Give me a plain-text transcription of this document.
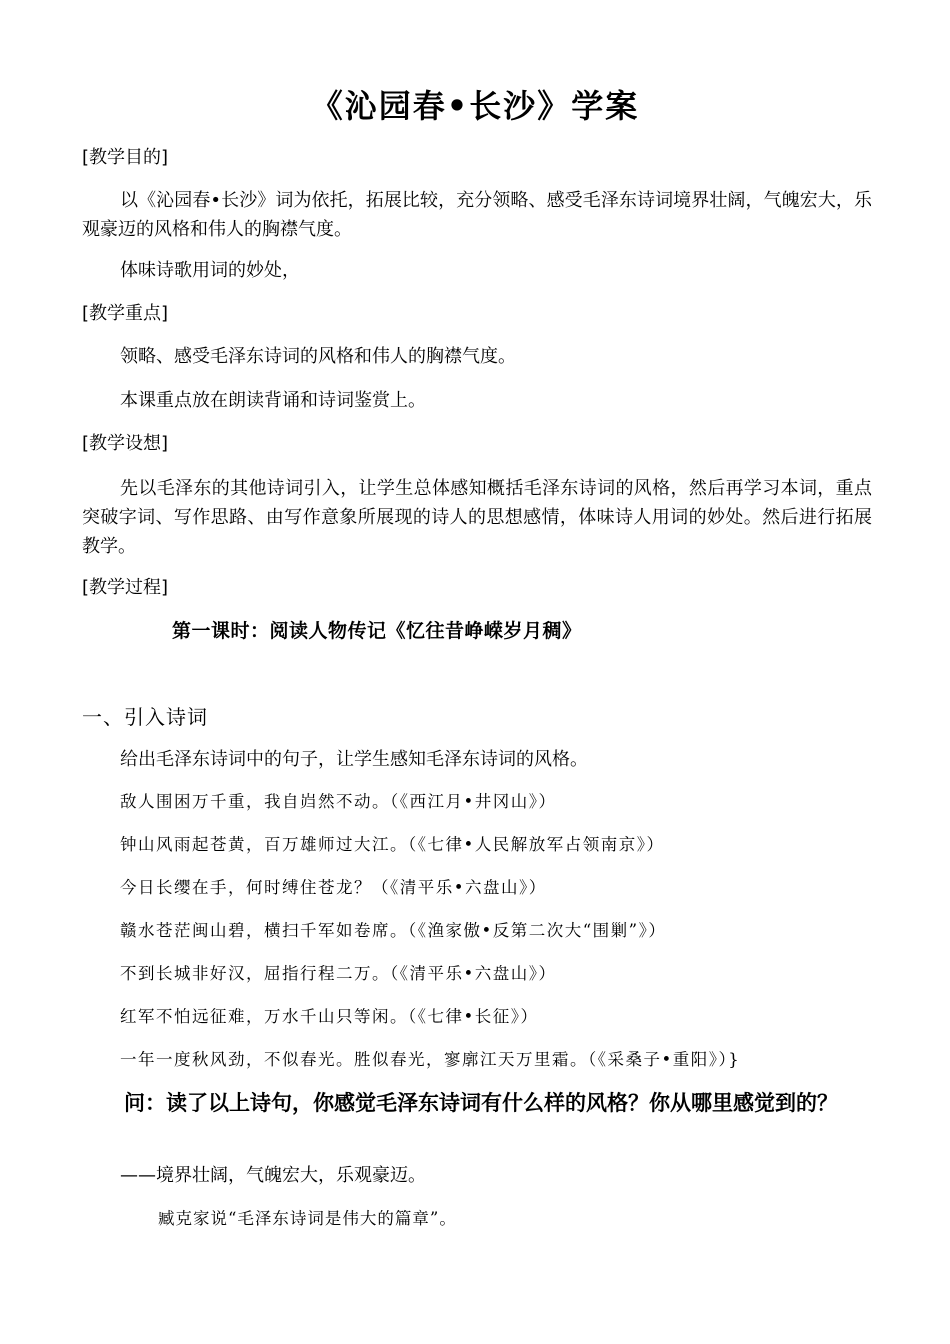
《沁园春•长沙》学案
[教学目的]
以《沁园春•长沙》词为依托，拓展比较，充分领略、感受毛泽东诗词境界壮阔，气魄宏大，乐观豪迈的风格和伟人的胸襟气度。
体味诗歌用词的妙处，
[教学重点]
领略、感受毛泽东诗词的风格和伟人的胸襟气度。
本课重点放在朗读背诵和诗词鉴赏上。
[教学设想]
先以毛泽东的其他诗词引入，让学生总体感知概括毛泽东诗词的风格，然后再学习本词，重点突破字词、写作思路、由写作意象所展现的诗人的思想感情，体味诗人用词的妙处。然后进行拓展教学。
[教学过程]
第一课时：阅读人物传记《忆往昔峥嵘岁月稠》
一、引入诗词
给出毛泽东诗词中的句子，让学生感知毛泽东诗词的风格。
敌人围困万千重，我自岿然不动。（《西江月•井冈山》）
钟山风雨起苍黄，百万雄师过大江。（《七律•人民解放军占领南京》）
今日长缨在手，何时缚住苍龙？（《清平乐•六盘山》）
赣水苍茫闽山碧，横扫千军如卷席。（《渔家傲•反第二次大“围剿”》）
不到长城非好汉，屈指行程二万。（《清平乐•六盘山》）
红军不怕远征难，万水千山只等闲。（《七律•长征》）
一年一度秋风劲，不似春光。胜似春光，寥廓江天万里霜。（《采桑子•重阳》）}
问：读了以上诗句，你感觉毛泽东诗词有什么样的风格？你从哪里感觉到的？
——境界壮阔，气魄宏大，乐观豪迈。
臧克家说“毛泽东诗词是伟大的篇章”。
